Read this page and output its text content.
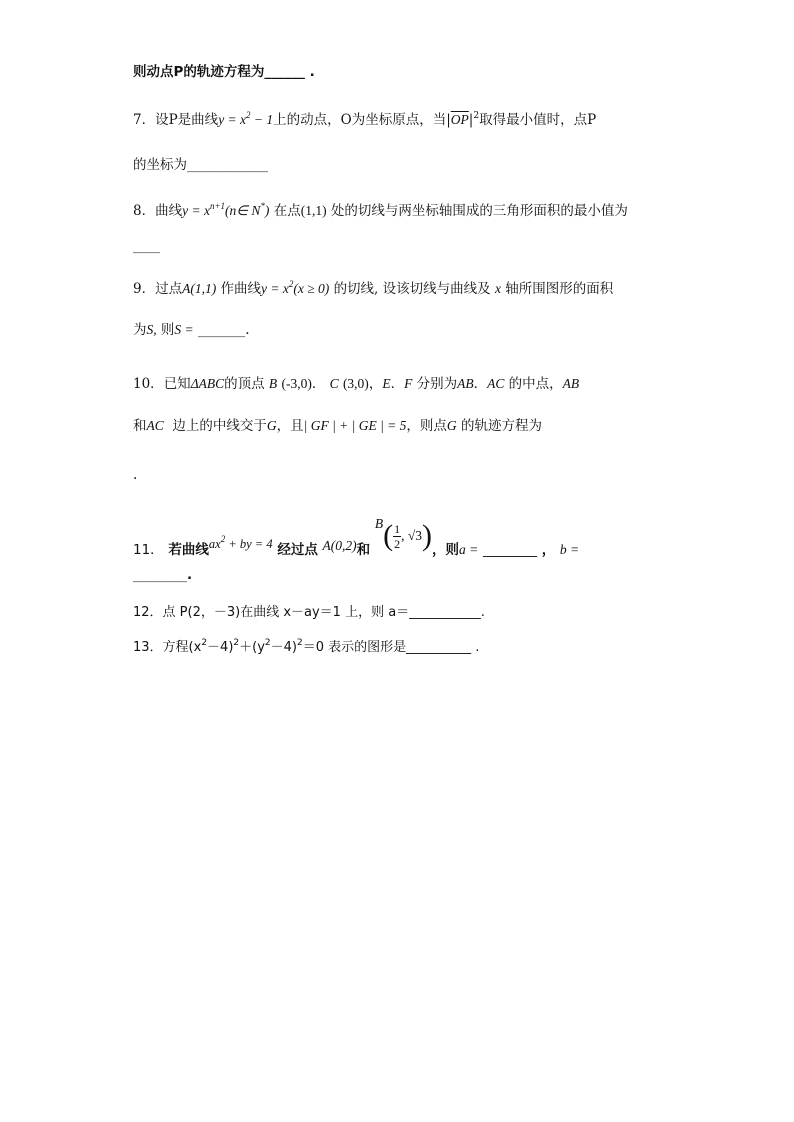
则动点P的轨迹方程为______ .
7．设P是曲线$y = x^2 - 1$上的动点，O为坐标原点，当$|\overline{OP}|^2$取得最小值时，点P
的坐标为____________
8．曲线$y = x^{n+1}(n\in$ N*) 在点(1,1) 处的切线与两坐标轴围成的三角形面积的最小值为
____
9．过点A(1,1) 作曲线$y = x^2(x \ge 0)$ 的切线, 设该切线与曲线及 x 轴所围图形的面积
为S, 则S = _______.
10．已知ΔABC的顶点 B (-3,0)． C (3,0)，E．F 分别为AB．AC 的中点，AB
和AC 边上的中线交于G，且| GF | + | GE | = 5，则点G 的轨迹方程为
.
11． 若曲线$ax^2$ + by = 4 经过点 A(0,2)和 $B( \frac{1}{2}$ , √3)，则a = ________ ， b =
________.
12．点 P(2，－3)在曲线 x－ay＝1 上，则 a＝___________.
13．方程$(x^2-4)^2+(y^2-4)^2=0$ 表示的图形是__________ .
